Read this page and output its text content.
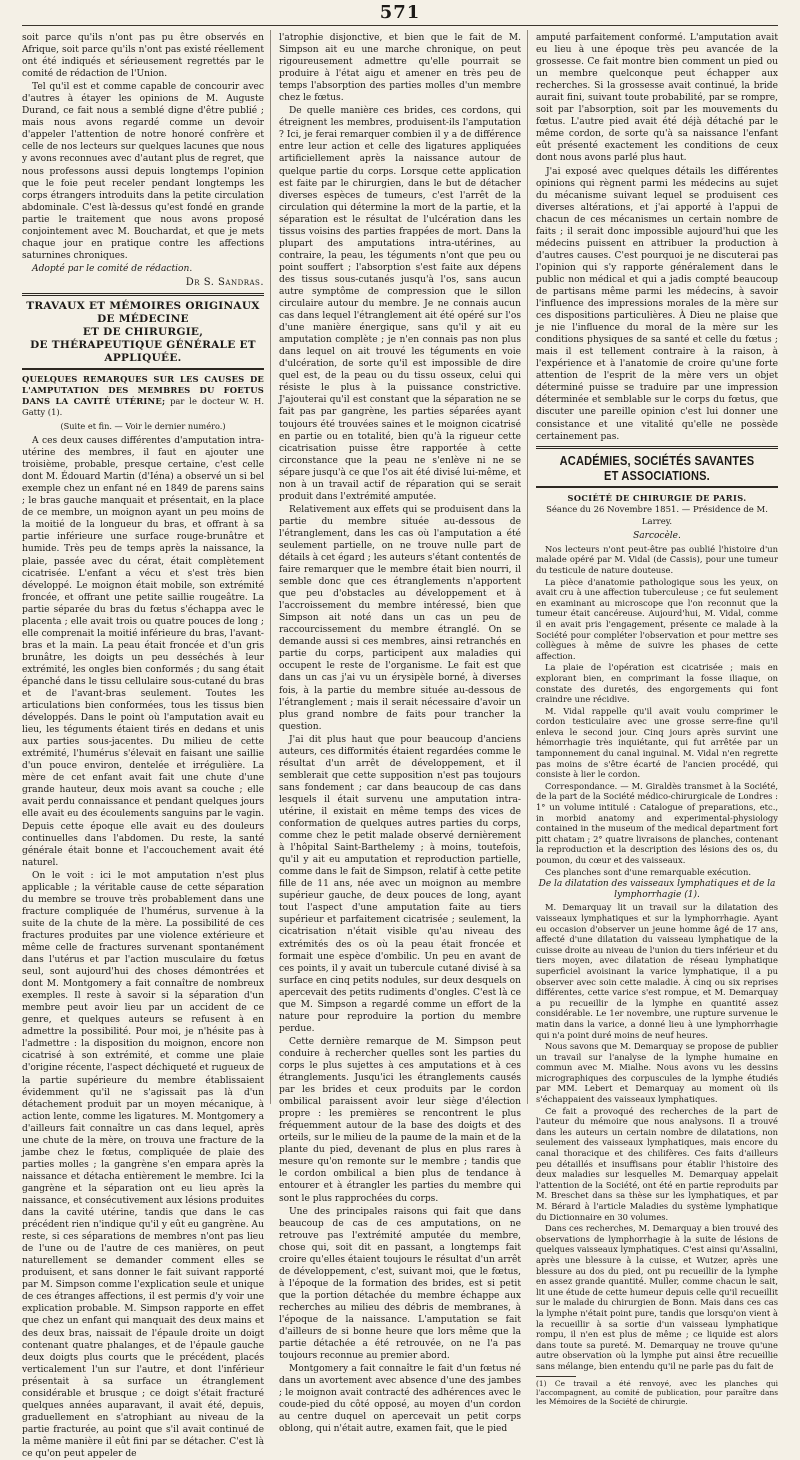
571

soit parce qu'ils n'ont pas pu être observés en Afrique, soit parce qu'ils n'ont pas existé réellement ont été indiqués et sérieusement regrettés par le comité de rédaction de l'Union.

Tel qu'il est et comme capable de concourir avec d'autres à étayer les opinions de M. Auguste Durand, ce fait nous a semblé digne d'être publié ; mais nous avons regardé comme un devoir d'appeler l'attention de notre honoré confrère et celle de nos lecteurs sur quelques lacunes que nous y avons reconnues avec d'autant plus de regret, que nous professons aussi depuis longtemps l'opinion que le foie peut receler pendant longtemps les corps étrangers introduits dans la petite circulation abdominale. C'est là-dessus qu'est fondé en grande partie le traitement que nous avons proposé conjointement avec M. Bouchardat, et que je mets chaque jour en pratique contre les affections saturnines chroniques.

Adopté par le comité de rédaction.

Dr S. Sandras.
TRAVAUX ET MÉMOIRES ORIGINAUX DE MÉDECINE
ET DE CHIRURGIE,
DE THÉRAPEUTIQUE GÉNÉRALE ET APPLIQUÉE.
QUELQUES REMARQUES SUR LES CAUSES DE L'AMPUTATION DES MEMBRES DU FOETUS DANS LA CAVITÉ UTÉRINE; par le docteur W. H. Gatty (1).
(Suite et fin. — Voir le dernier numéro.)

A ces deux causes différentes d'amputation intra-utérine des membres, il faut en ajouter une troisième, probable, presque certaine, c'est celle dont M. Édouard Martin (d'Iéna) a observé un si bel exemple chez un enfant né en 1849 de parens sains ; le bras gauche manquait et présentait, en la place de ce membre, un moignon ayant un peu moins de la moitié de la longueur du bras, et offrant à sa partie inférieure une surface rouge-brunâtre et humide. Très peu de temps après la naissance, la plaie, passée avec du cérat, était complètement cicatrisée. L'enfant a vécu et s'est très bien développé. Le moignon était mobile, son extrémité froncée, et offrant une petite saillie rougeâtre. La partie séparée du bras du fœtus s'échappa avec le placenta ; elle avait trois ou quatre pouces de long ; elle comprenait la moitié inférieure du bras, l'avant-bras et la main. La peau était froncée et d'un gris brunâtre, les doigts un peu desséchés à leur extrémité, les ongles bien conformés ; du sang était épanché dans le tissu cellulaire sous-cutané du bras et de l'avant-bras seulement. Toutes les articulations bien conformées, tous les tissus bien développés. Dans le point où l'amputation avait eu lieu, les téguments étaient tirés en dedans et unis aux parties sous-jacentes. Du milieu de cette extrémité, l'humérus s'élevait en faisant une saillie d'un pouce environ, dentelée et irrégulière. La mère de cet enfant avait fait une chute d'une grande hauteur, deux mois avant sa couche ; elle avait perdu connaissance et pendant quelques jours elle avait eu des écoulements sanguins par le vagin. Depuis cette époque elle avait eu des douleurs continuelles dans l'abdomen. Du reste, la santé générale était bonne et l'accouchement avait été naturel.

On le voit : ici le mot amputation n'est plus applicable ; la véritable cause de cette séparation du membre se trouve très probablement dans une fracture compliquée de l'humérus, survenue à la suite de la chute de la mère. La possibilité de ces fractures produites par une violence extérieure et même celle de fractures survenant spontanément dans l'utérus et par l'action musculaire du fœtus seul, sont aujourd'hui des choses démontrées et dont M. Montgomery a fait connaître de nombreux exemples. Il reste à savoir si la séparation d'un membre peut avoir lieu par un accident de ce genre, et quelques auteurs se refusent à en admettre la possibilité. Pour moi, je n'hésite pas à l'admettre : la disposition du moignon, encore non cicatrisé à son extrémité, et comme une plaie d'origine récente, l'aspect déchiqueté et rugueux de la partie supérieure du membre établissaient évidemment qu'il ne s'agissait pas là d'un détachement produit par un moyen mécanique, à action lente, comme les ligatures. M. Montgomery a d'ailleurs fait connaître un cas dans lequel, après une chute de la mère, on trouva une fracture de la jambe chez le fœtus, compliquée de plaie des parties molles ; la gangrène s'en empara après la naissance et détacha entièrement le membre. Ici la gangrène et la séparation ont eu lieu après la naissance, et consécutivement aux lésions produites dans la cavité utérine, tandis que dans le cas précédent rien n'indique qu'il y eût eu gangrène. Au reste, si ces séparations de membres n'ont pas lieu de l'une ou de l'autre de ces manières, on peut naturellement se demander comment elles se produisent, et sans donner le fait suivant rapporté par M. Simpson comme l'explication seule et unique de ces étranges affections, il est permis d'y voir une explication probable. M. Simpson rapporte en effet que chez un enfant qui manquait des deux mains et des deux bras, naissait de l'épaule droite un doigt contenant quatre phalanges, et de l'épaule gauche deux doigts plus courts que le précédent, placés verticalement l'un sur l'autre, et dont l'inférieur présentait à sa surface un étranglement considérable et brusque ; ce doigt s'était fracturé quelques années auparavant, il avait été, depuis, graduellement en s'atrophiant au niveau de la partie fracturée, au point que s'il avait continué de la même manière il eût fini par se détacher. C'est là ce qu'on peut appeler de

l'atrophie disjonctive, et bien que le fait de M. Simpson ait eu une marche chronique, on peut rigoureusement admettre qu'elle pourrait se produire à l'état aigu et amener en très peu de temps l'absorption des parties molles d'un membre chez le fœtus.

De quelle manière ces brides, ces cordons, qui étreignent les membres, produisent-ils l'amputation ? Ici, je ferai remarquer combien il y a de différence entre leur action et celle des ligatures appliquées artificiellement après la naissance autour de quelque partie du corps. Lorsque cette application est faite par le chirurgien, dans le but de détacher diverses espèces de tumeurs, c'est l'arrêt de la circulation qui détermine la mort de la partie, et la séparation est le résultat de l'ulcération dans les tissus voisins des parties frappées de mort. Dans la plupart des amputations intra-utérines, au contraire, la peau, les téguments n'ont que peu ou point souffert ; l'absorption s'est faite aux dépens des tissus sous-cutanés jusqu'à l'os, sans aucun autre symptôme de compression que le sillon circulaire autour du membre. Je ne connais aucun cas dans lequel l'étranglement ait été opéré sur l'os d'une manière énergique, sans qu'il y ait eu amputation complète ; je n'en connais pas non plus dans lequel on ait trouvé les téguments en voie d'ulcération, de sorte qu'il est impossible de dire quel est, de la peau ou du tissu osseux, celui qui résiste le plus à la puissance constrictive. J'ajouterai qu'il est constant que la séparation ne se fait pas par gangrène, les parties séparées ayant toujours été trouvées saines et le moignon cicatrisé en partie ou en totalité, bien qu'à la rigueur cette cicatrisation puisse être rapportée à cette circonstance que la peau ne s'enlève ni ne se sépare jusqu'à ce que l'os ait été divisé lui-même, et non à un travail actif de réparation qui se serait produit dans l'extrémité amputée.

Relativement aux effets qui se produisent dans la partie du membre située au-dessous de l'étranglement, dans les cas où l'amputation a été seulement partielle, on ne trouve nulle part de détails à cet égard ; les auteurs s'étant contentés de faire remarquer que le membre était bien nourri, il semble donc que ces étranglements n'apportent que peu d'obstacles au développement et à l'accroissement du membre intéressé, bien que Simpson ait noté dans un cas un peu de raccourcissement du membre étranglé. On se demande aussi si ces membres, ainsi retranchés en partie du corps, participent aux maladies qui occupent le reste de l'organisme. Le fait est que dans un cas j'ai vu un érysipèle borné, à diverses fois, à la partie du membre située au-dessous de l'étranglement ; mais il serait nécessaire d'avoir un plus grand nombre de faits pour trancher la question.

J'ai dit plus haut que pour beaucoup d'anciens auteurs, ces difformités étaient regardées comme le résultat d'un arrêt de développement, et il semblerait que cette supposition n'est pas toujours sans fondement ; car dans beaucoup de cas dans lesquels il était survenu une amputation intra-utérine, il existait en même temps des vices de conformation de quelques autres parties du corps, comme chez le petit malade observé dernièrement à l'hôpital Saint-Barthelemy ; à moins, toutefois, qu'il y ait eu amputation et reproduction partielle, comme dans le fait de Simpson, relatif à cette petite fille de 11 ans, née avec un moignon au membre supérieur gauche, de deux pouces de long, ayant tout l'aspect d'une amputation faite au tiers supérieur et parfaitement cicatrisée ; seulement, la cicatrisation n'était visible qu'au niveau des extrémités des os où la peau était froncée et formait une espèce d'ombilic. Un peu en avant de ces points, il y avait un tubercule cutané divisé à sa surface en cinq petits nodules, sur deux desquels on apercevait des petits rudiments d'ongles. C'est là ce que M. Simpson a regardé comme un effort de la nature pour reproduire la portion du membre perdue.

Cette dernière remarque de M. Simpson peut conduire à rechercher quelles sont les parties du corps le plus sujettes à ces amputations et à ces étranglements. Jusqu'ici les étranglements causés par les brides et ceux produits par le cordon ombilical paraissent avoir leur siège d'élection propre : les premières se rencontrent le plus fréquemment autour de la base des doigts et des orteils, sur le milieu de la paume de la main et de la plante du pied, devenant de plus en plus rares à mesure qu'on remonte sur le membre ; tandis que le cordon ombilical a bien plus de tendance à entourer et à étrangler les parties du membre qui sont le plus rapprochées du corps.

Une des principales raisons qui fait que dans beaucoup de cas de ces amputations, on ne retrouve pas l'extrémité amputée du membre, chose qui, soit dit en passant, a longtemps fait croire qu'elles étaient toujours le résultat d'un arrêt de développement, c'est, suivant moi, que le fœtus, à l'époque de la formation des brides, est si petit que la portion détachée du membre échappe aux recherches au milieu des débris de membranes, à l'époque de la naissance. L'amputation se fait d'ailleurs de si bonne heure que lors même que la partie détachée a été retrouvée, on ne l'a pas toujours reconnue au premier abord.

Montgomery a fait connaître le fait d'un fœtus né dans un avortement avec absence d'une des jambes ; le moignon avait contracté des adhérences avec le coude-pied du côté opposé, au moyen d'un cordon au centre duquel on apercevait un petit corps oblong, qui n'était autre, examen fait, que le pied

amputé parfaitement conformé. L'amputation avait eu lieu à une époque très peu avancée de la grossesse. Ce fait montre bien comment un pied ou un membre quelconque peut échapper aux recherches. Si la grossesse avait continué, la bride aurait fini, suivant toute probabilité, par se rompre, soit par l'absorption, soit par les mouvements du fœtus. L'autre pied avait été déjà détaché par le même cordon, de sorte qu'à sa naissance l'enfant eût présenté exactement les conditions de ceux dont nous avons parlé plus haut.

J'ai exposé avec quelques détails les différentes opinions qui règnent parmi les médecins au sujet du mécanisme suivant lequel se produisent ces diverses altérations, et j'ai apporté à l'appui de chacun de ces mécanismes un certain nombre de faits ; il serait donc impossible aujourd'hui que les médecins puissent en attribuer la production à d'autres causes. C'est pourquoi je ne discuterai pas l'opinion qui s'y rapporte généralement dans le public non médical et qui a jadis compté beaucoup de partisans même parmi les médecins, à savoir l'influence des impressions morales de la mère sur ces dispositions particulières. À Dieu ne plaise que je nie l'influence du moral de la mère sur les conditions physiques de sa santé et celle du fœtus ; mais il est tellement contraire à la raison, à l'expérience et à l'anatomie de croire qu'une forte attention de l'esprit de la mère vers un objet déterminé puisse se traduire par une impression déterminée et semblable sur le corps du fœtus, que discuter une pareille opinion c'est lui donner une consistance et une vitalité qu'elle ne possède certainement pas.

ACADÉMIES, SOCIÉTÉS SAVANTES ET ASSOCIATIONS.
SOCIÉTÉ DE CHIRURGIE DE PARIS.
Séance du 26 Novembre 1851. — Présidence de M. Larrey.
Sarcocèle.

Nos lecteurs n'ont peut-être pas oublié l'histoire d'un malade opéré par M. Vidal (de Cassis), pour une tumeur du testicule de nature douteuse.

La pièce d'anatomie pathologique sous les yeux, on avait cru à une affection tuberculeuse ; ce fut seulement en examinant au microscope que l'on reconnut que la tumeur était cancéreuse. Aujourd'hui, M. Vidal, comme il en avait pris l'engagement, présente ce malade à la Société pour compléter l'observation et pour mettre ses collègues à même de suivre les phases de cette affection.

La plaie de l'opération est cicatrisée ; mais en explorant bien, en comprimant la fosse iliaque, on constate des duretés, des engorgements qui font craindre une récidive.

M. Vidal rappelle qu'il avait voulu comprimer le cordon testiculaire avec une grosse serre-fine qu'il enleva le second jour. Cinq jours après survint une hémorrhagie très inquiétante, qui fut arrêtée par un tamponnement du canal inguinal. M. Vidal n'en regrette pas moins de s'être écarté de l'ancien procédé, qui consiste à lier le cordon.

Correspondance. — M. Giraldès transmet à la Société, de la part de la Société médico-chirurgicale de Londres : 1° un volume intitulé : Catalogue of preparations, etc., in morbid anatomy and experimental-physiology contained in the museum of the medical department fort pitt chatam ; 2° quatre livraisons de planches, contenant la reproduction et la description des lésions des os, du poumon, du cœur et des vaisseaux.

Ces planches sont d'une remarquable exécution.

De la dilatation des vaisseaux lymphatiques et de la lymphorrhagie (1).

M. Demarquay lit un travail sur la dilatation des vaisseaux lymphatiques et sur la lymphorrhagie. Ayant eu occasion d'observer un jeune homme âgé de 17 ans, affecté d'une dilatation du vaisseau lymphatique de la cuisse droite au niveau de l'union du tiers inférieur et du tiers moyen, avec dilatation de réseau lymphatique superficiel avoisinant la varice lymphatique, il a pu observer avec soin cette maladie. À cinq ou six reprises différentes, cette varice s'est rompue, et M. Demarquay a pu recueillir de la lymphe en quantité assez considérable. Le 1er novembre, une rupture survenue le matin dans la varice, a donné lieu à une lymphorrhagie qui n'a point duré moins de neuf heures.

Nous savons que M. Demarquay se propose de publier un travail sur l'analyse de la lymphe humaine en commun avec M. Mialhe. Nous avons vu les dessins micrographiques des corpuscules de la lymphe étudiés par MM. Lebert et Demarquay au moment où ils s'échappaient des vaisseaux lymphatiques.

Ce fait a provoqué des recherches de la part de l'auteur du mémoire que nous analysons. Il a trouvé dans les auteurs un certain nombre de dilatations, non seulement des vaisseaux lymphatiques, mais encore du canal thoracique et des chilifères. Ces faits d'ailleurs peu détaillés et insuffisans pour établir l'histoire des deux maladies sur lesquelles M. Demarquay appelait l'attention de la Société, ont été en partie reproduits par M. Breschet dans sa thèse sur les lymphatiques, et par M. Bérard à l'article Maladies du système lymphatique du Dictionnaire en 30 volumes.

Dans ces recherches, M. Demarquay a bien trouvé des observations de lymphorrhagie à la suite de lésions de quelques vaisseaux lymphatiques. C'est ainsi qu'Assalini, après une blessure à la cuisse, et Wutzer, après une blessure au dos du pied, ont pu recueillir de la lymphe en assez grande quantité. Muller, comme chacun le sait, lit une étude de cette humeur depuis celle qu'il recueillit sur le malade du chirurgien de Bonn. Mais dans ces cas la lymphe n'était point pure, tandis que lorsqu'on vient à la recueillir à sa sortie d'un vaisseau lymphatique rompu, il n'en est plus de même ; ce liquide est alors dans toute sa pureté. M. Demarquay ne trouve qu'une autre observation où la lymphe put ainsi être recueillie sans mélange, bien entendu qu'il ne parle pas du fait de

(1) Ce travail a été renvoyé, avec les planches qui l'accompagnent, au comité de publication, pour paraître dans les Mémoires de la Société de chirurgie.
